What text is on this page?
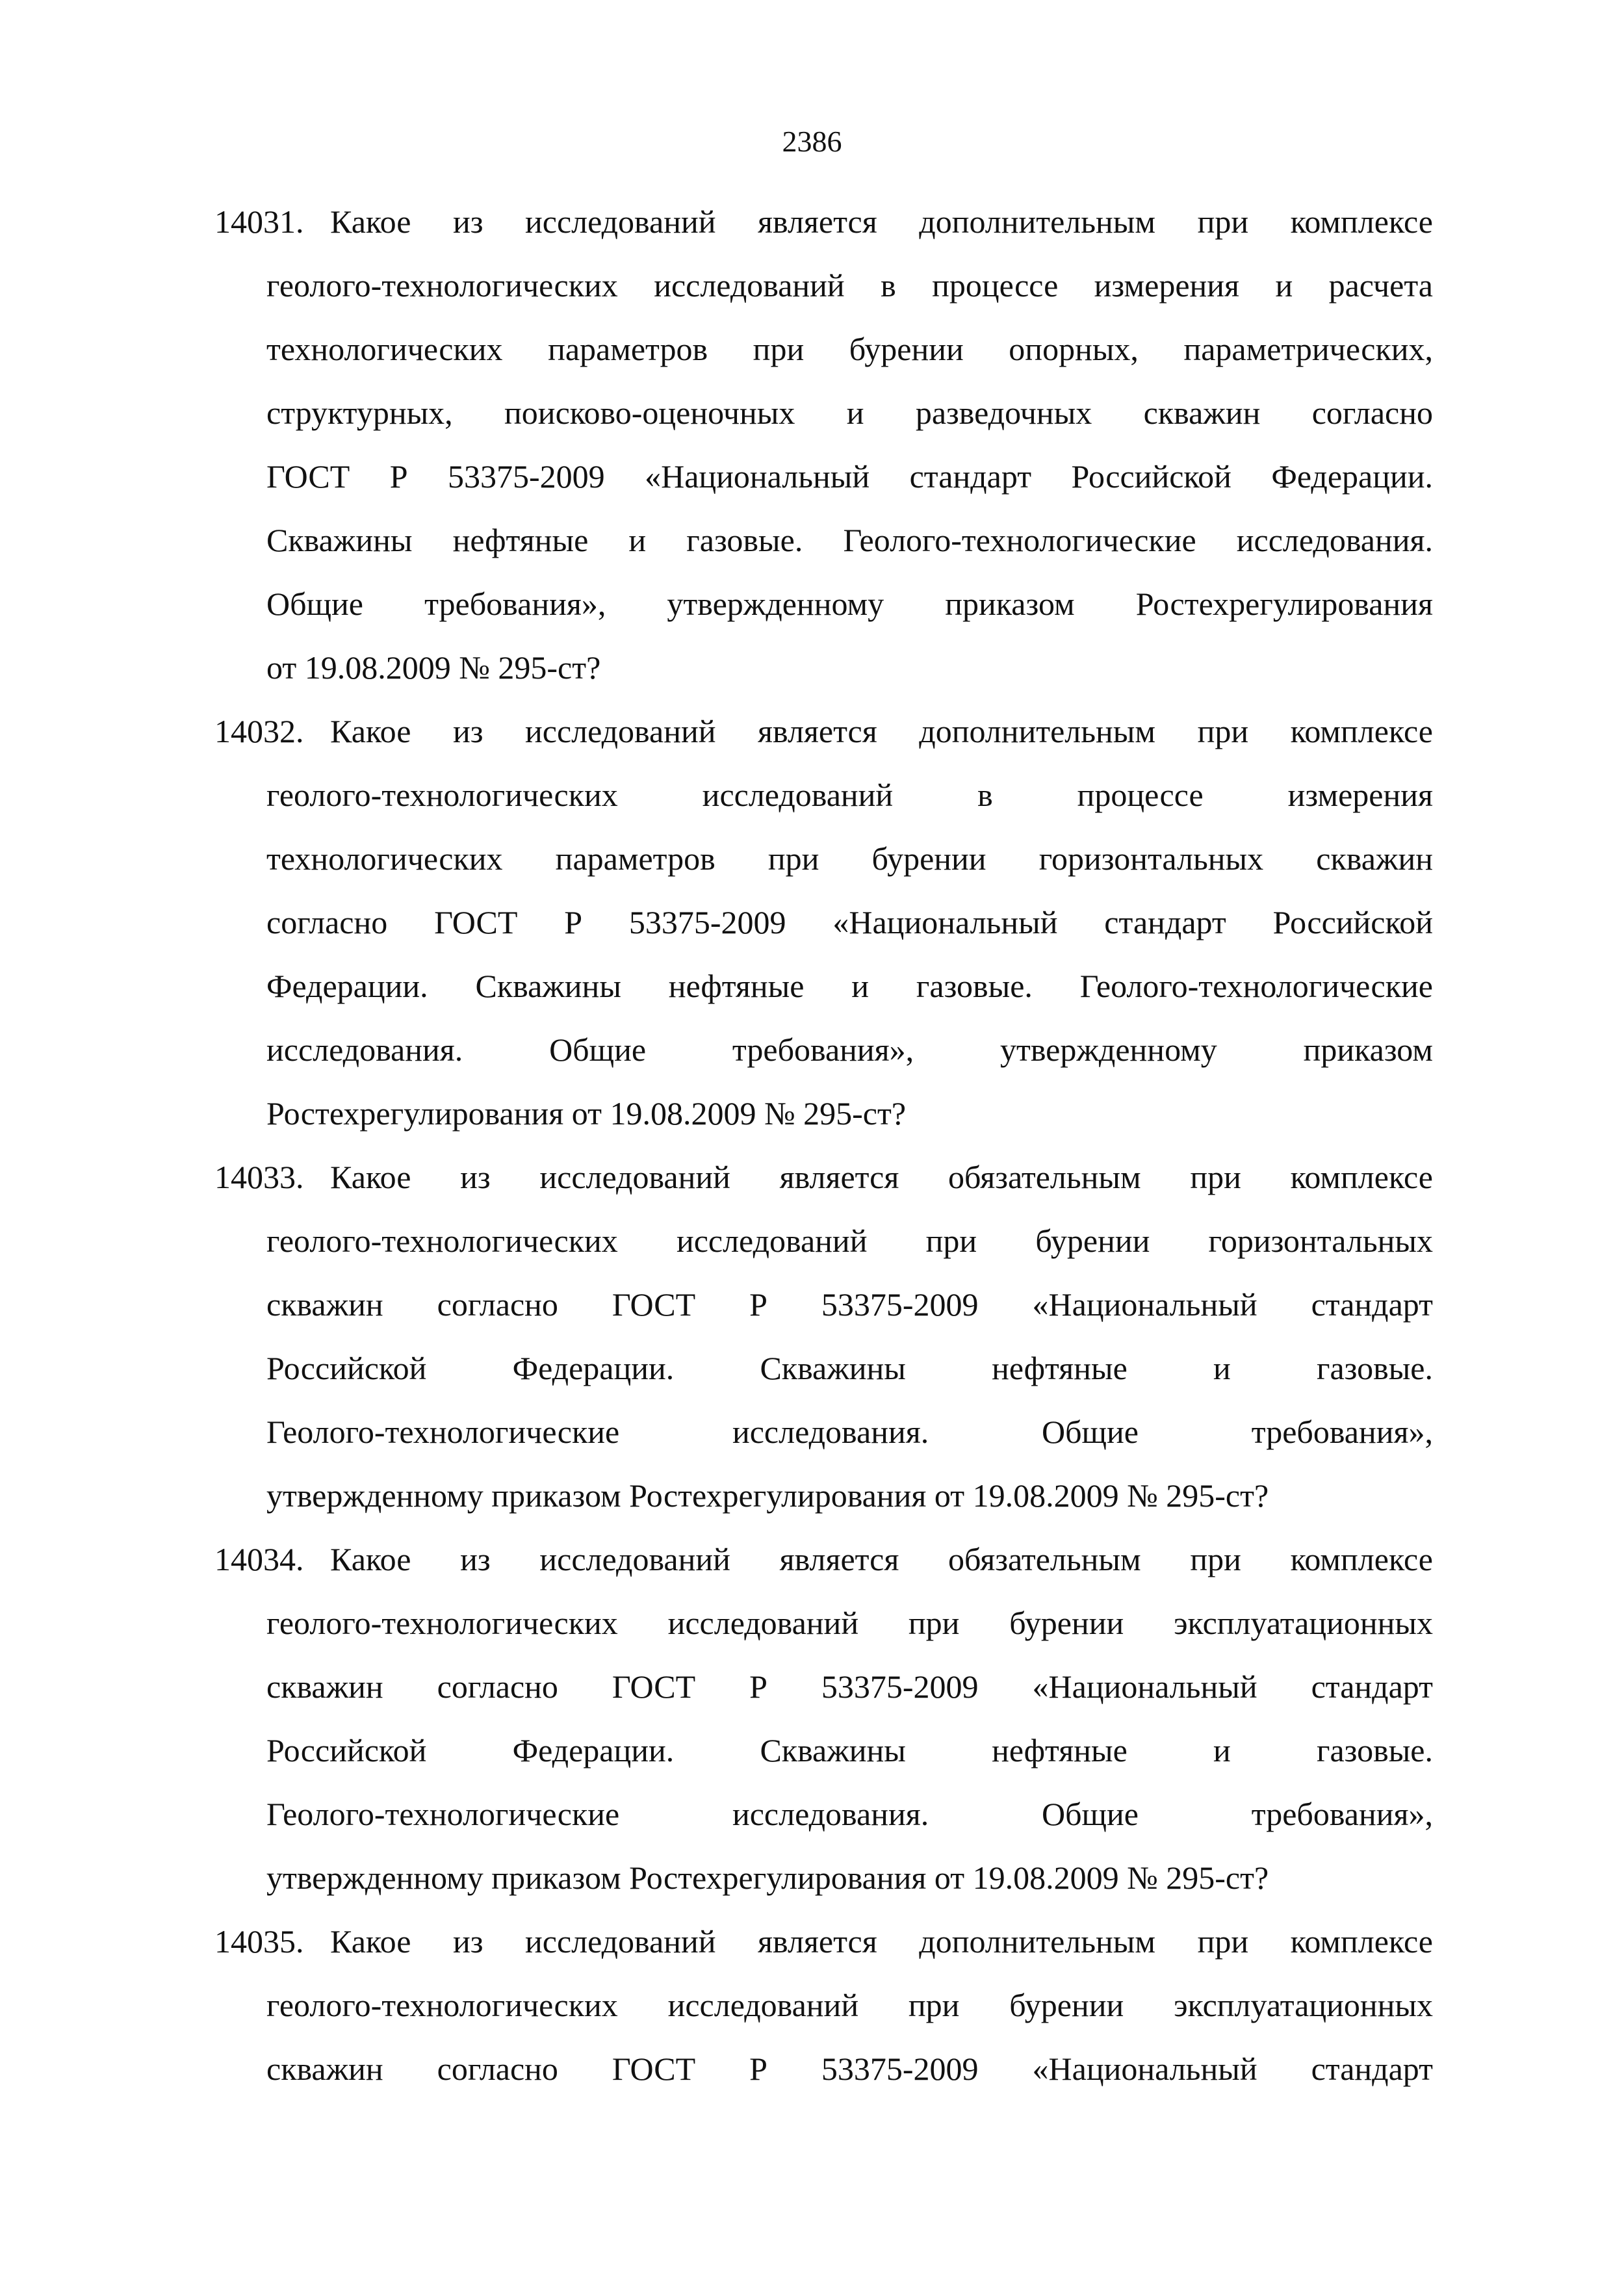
2386
14031. Какое из исследований является дополнительным при комплексе
геолого-технологических исследований в процессе измерения и расчета
технологических параметров при бурении опорных, параметрических,
структурных, поисково-оценочных и разведочных скважин согласно
ГОСТ Р 53375-2009 «Национальный стандарт Российской Федерации.
Скважины нефтяные и газовые. Геолого-технологические исследования.
Общие требования», утвержденному приказом Ростехрегулирования
от 19.08.2009 № 295-ст?
14032. Какое из исследований является дополнительным при комплексе
геолого-технологических исследований в процессе измерения
технологических параметров при бурении горизонтальных скважин
согласно ГОСТ Р 53375-2009 «Национальный стандарт Российской
Федерации. Скважины нефтяные и газовые. Геолого-технологические
исследования. Общие требования», утвержденному приказом
Ростехрегулирования от 19.08.2009 № 295-ст?
14033. Какое из исследований является обязательным при комплексе
геолого-технологических исследований при бурении горизонтальных
скважин согласно ГОСТ Р 53375-2009 «Национальный стандарт
Российской Федерации. Скважины нефтяные и газовые.
Геолого-технологические исследования. Общие требования»,
утвержденному приказом Ростехрегулирования от 19.08.2009 № 295-ст?
14034. Какое из исследований является обязательным при комплексе
геолого-технологических исследований при бурении эксплуатационных
скважин согласно ГОСТ Р 53375-2009 «Национальный стандарт
Российской Федерации. Скважины нефтяные и газовые.
Геолого-технологические исследования. Общие требования»,
утвержденному приказом Ростехрегулирования от 19.08.2009 № 295-ст?
14035. Какое из исследований является дополнительным при комплексе
геолого-технологических исследований при бурении эксплуатационных
скважин согласно ГОСТ Р 53375-2009 «Национальный стандарт
